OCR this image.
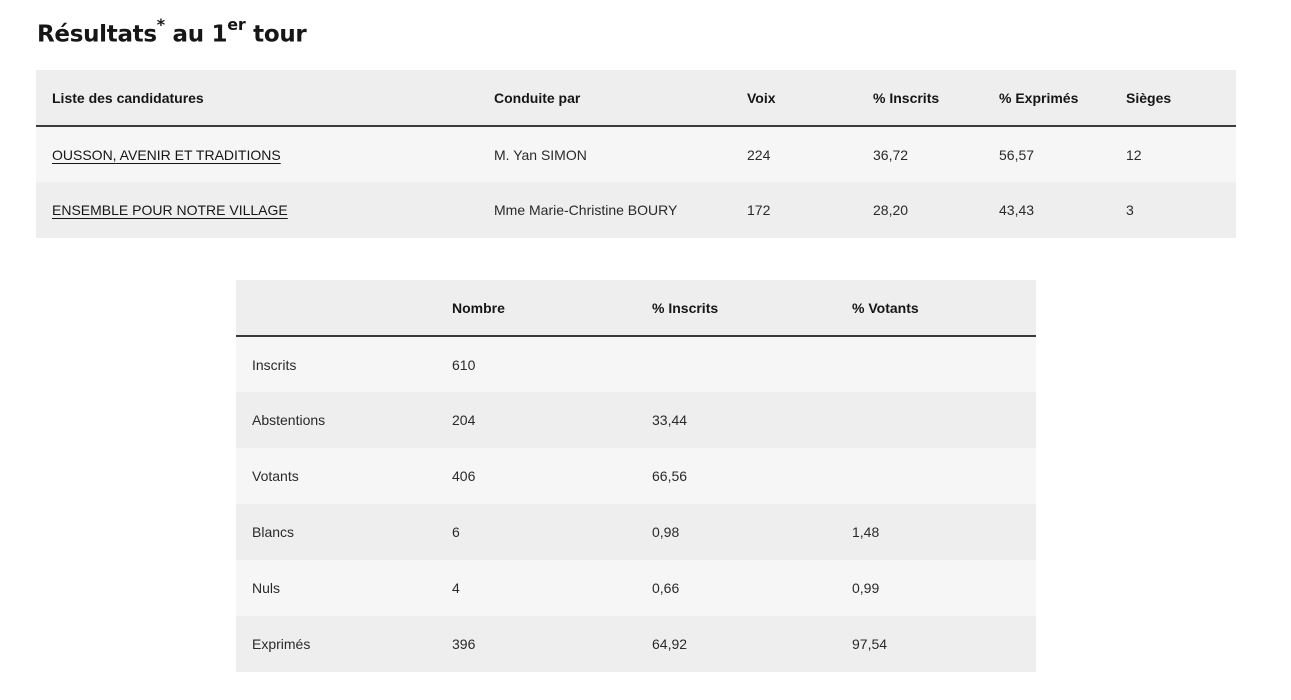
Résultats* au 1er tour
Liste des candidatures	Conduite par	Voix	% Inscrits	% Exprimés	Sièges
OUSSON, AVENIR ET TRADITIONS	M. Yan SIMON	224	36,72	56,57	12
ENSEMBLE POUR NOTRE VILLAGE	Mme Marie-Christine BOURY	172	28,20	43,43	3
	Nombre	% Inscrits	% Votants
Inscrits	610		
Abstentions	204	33,44	
Votants	406	66,56	
Blancs	6	0,98	1,48
Nuls	4	0,66	0,99
Exprimés	396	64,92	97,54
